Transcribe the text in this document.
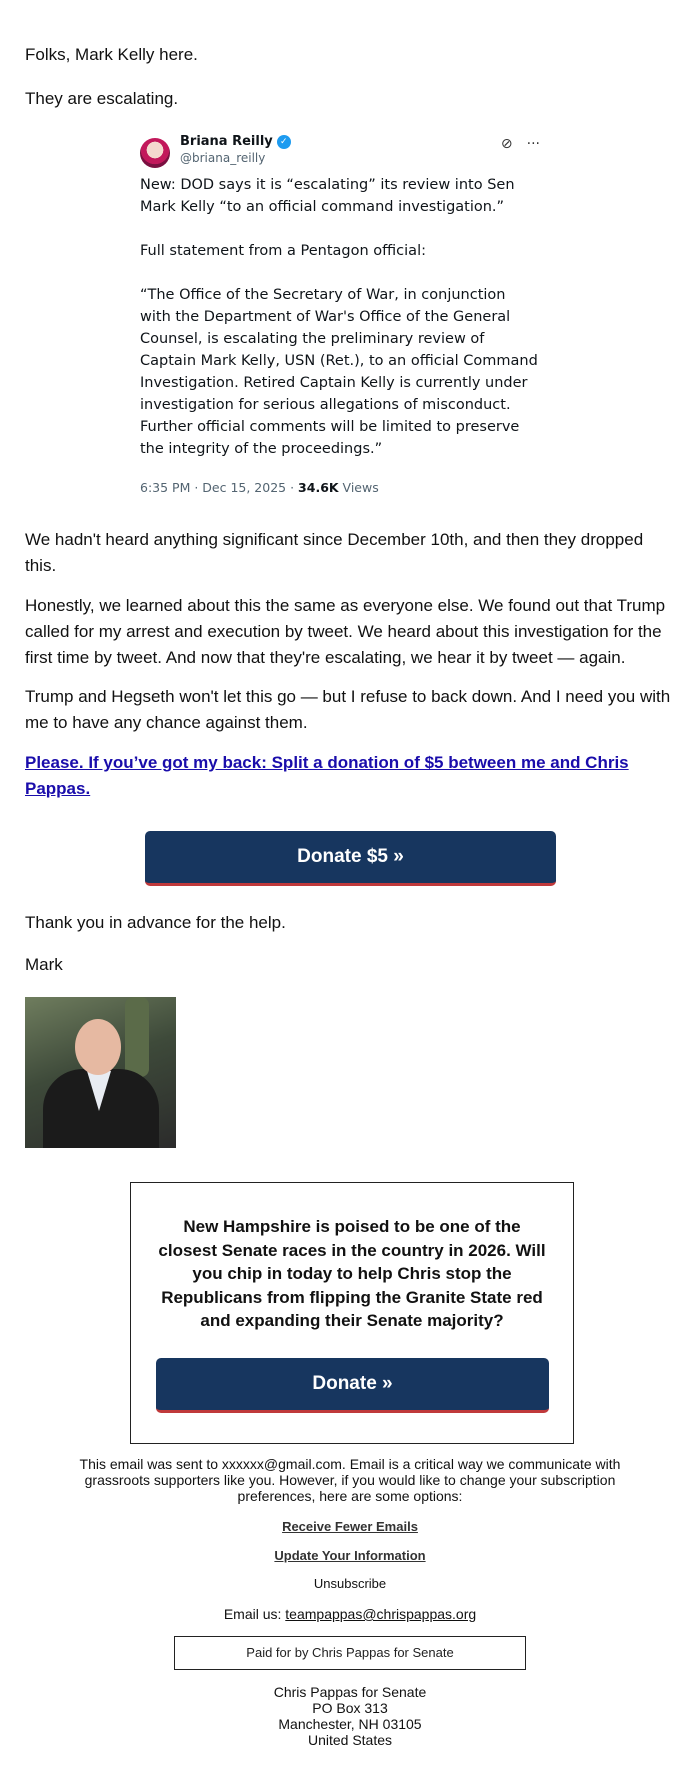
Folks, Mark Kelly here.

They are escalating.

Briana Reilly ✓
@briana_reilly
⊘ ···

New: DOD says it is “escalating” its review into Sen Mark Kelly “to an official command investigation.”

Full statement from a Pentagon official:

“The Office of the Secretary of War, in conjunction with the Department of War's Office of the General Counsel, is escalating the preliminary review of Captain Mark Kelly, USN (Ret.), to an official Command Investigation. Retired Captain Kelly is currently under investigation for serious allegations of misconduct. Further official comments will be limited to preserve the integrity of the proceedings.”

6:35 PM · Dec 15, 2025 · 34.6K Views

We hadn't heard anything significant since December 10th, and then they dropped this.

Honestly, we learned about this the same as everyone else. We found out that Trump called for my arrest and execution by tweet. We heard about this investigation for the first time by tweet. And now that they're escalating, we hear it by tweet — again.

Trump and Hegseth won't let this go — but I refuse to back down. And I need you with me to have any chance against them.

Please. If you’ve got my back: Split a donation of $5 between me and Chris Pappas.
Donate $5 »

Thank you in advance for the help.

Mark

New Hampshire is poised to be one of the closest Senate races in the country in 2026. Will you chip in today to help Chris stop the Republicans from flipping the Granite State red and expanding their Senate majority?

Donate »
This email was sent to xxxxxx@gmail.com. Email is a critical way we communicate with grassroots supporters like you. However, if you would like to change your subscription preferences, here are some options:
Receive Fewer Emails
Update Your Information
Unsubscribe
Email us: teampappas@chrispappas.org
Paid for by Chris Pappas for Senate
Chris Pappas for Senate
PO Box 313
Manchester, NH 03105
United States
